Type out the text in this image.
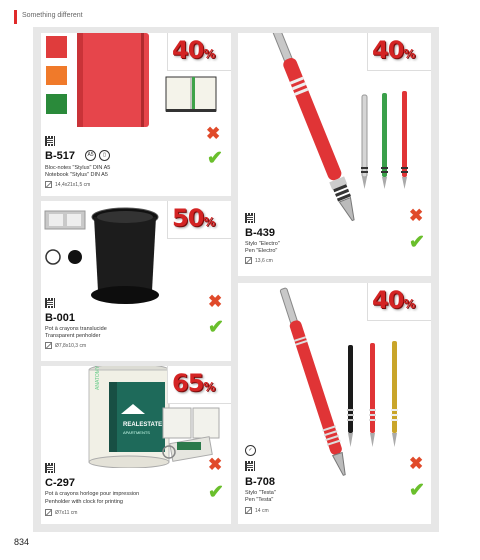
Something different
40%
B-517	A5	▯
Bloc-notes "Stylus" DIN A5
Notebook "Stylus" DIN A5
14,4x21x1,5 cm
✖
✔
50%
B-001
Pot à crayons translucide
Transparent penholder
Ø7,8x10,3 cm
✖
✔
ANATOMY
REALESTATE
APARTMENTS
65%
C-297
Pot à crayons horloge pour impression
Penholder with clock for printing
Ø7x11 cm
✖
✔
40%
B-439
Stylo "Electro"
Pen "Electro"
13,6 cm
✖
✔
40%
✓
B-708
Stylo "Testa"
Pen "Testa"
14 cm
✖
✔
834
